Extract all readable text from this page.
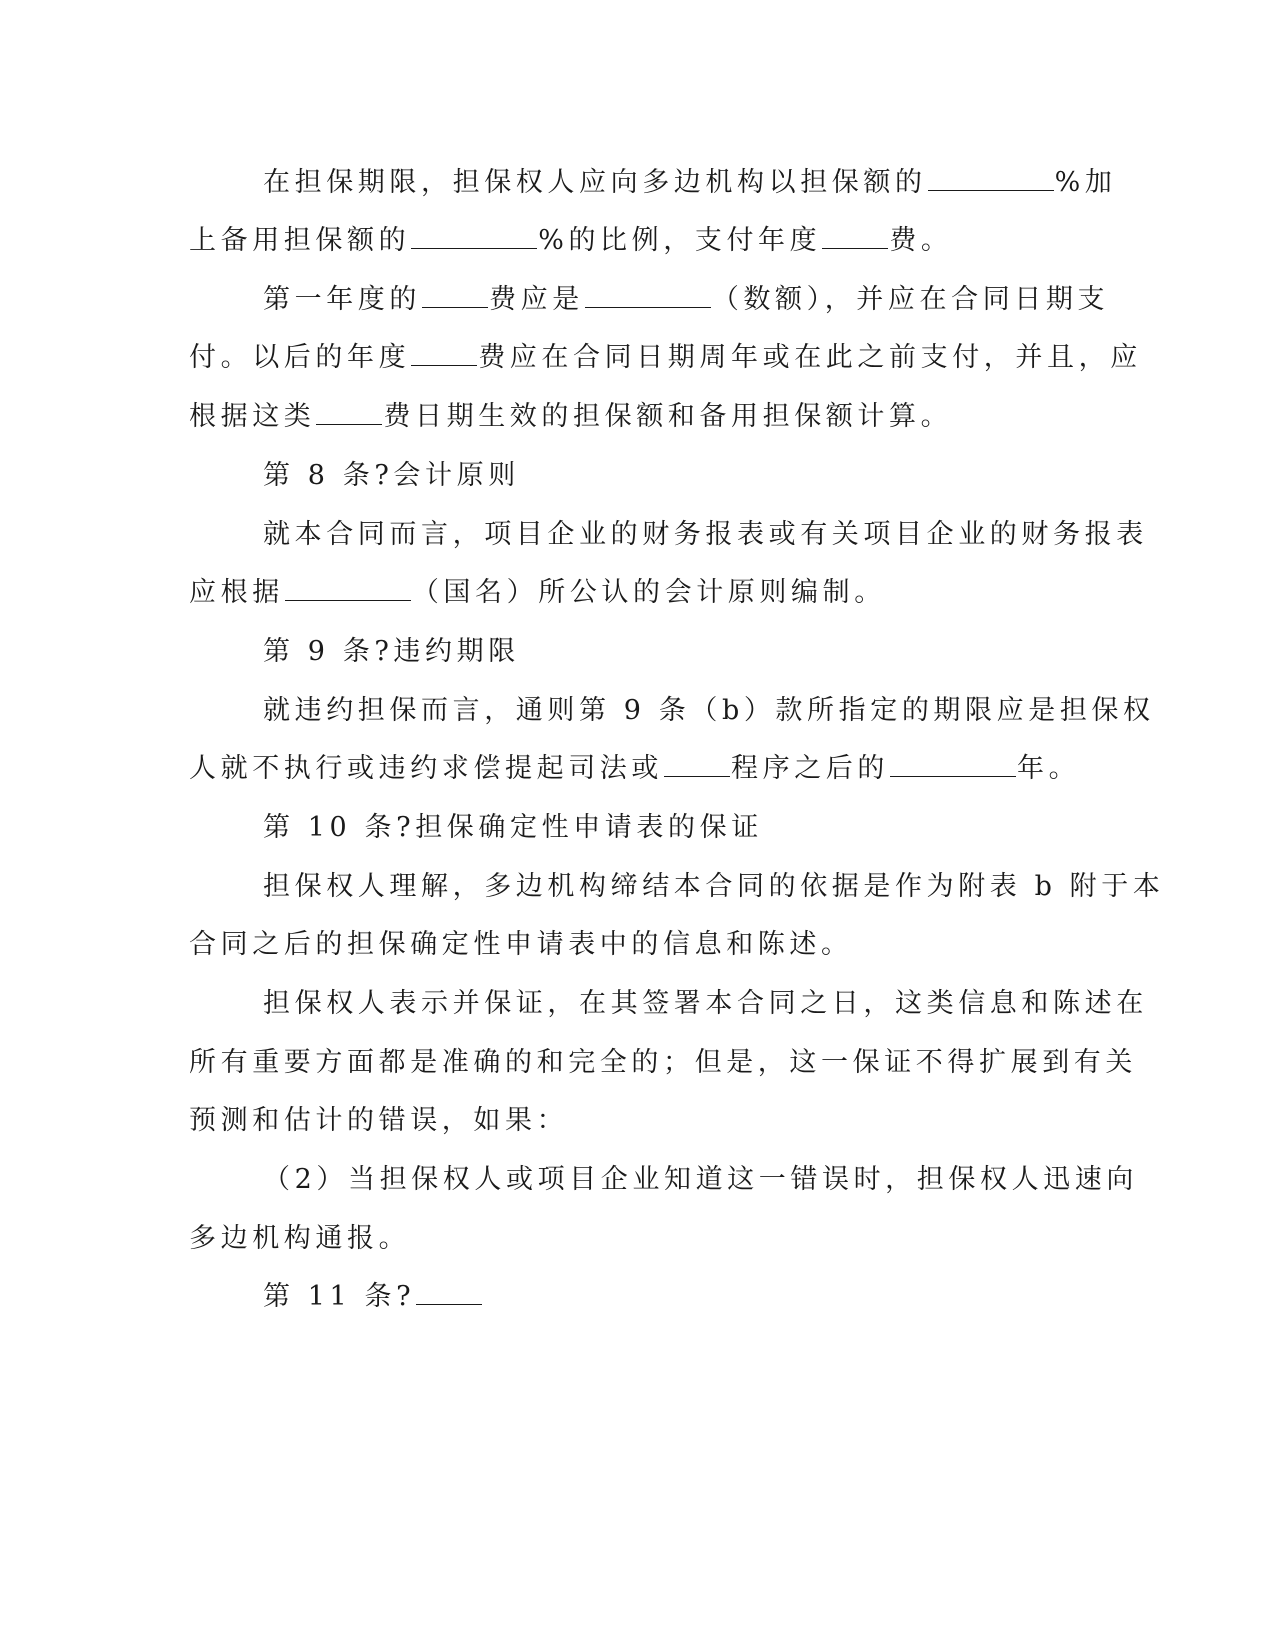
在担保期限，担保权人应向多边机构以担保额的	%加
上备用担保额的	%的比例，支付年度	费。
第一年度的	费应是	（数额），并应在合同日期支
付。以后的年度	费应在合同日期周年或在此之前支付，并且，应
根据这类	费日期生效的担保额和备用担保额计算。
第 8 条?会计原则
就本合同而言，项目企业的财务报表或有关项目企业的财务报表
应根据	（国名）所公认的会计原则编制。
第 9 条?违约期限
就违约担保而言，通则第 9 条（b）款所指定的期限应是担保权
人就不执行或违约求偿提起司法或	程序之后的	年。
第 10 条?担保确定性申请表的保证
担保权人理解，多边机构缔结本合同的依据是作为附表 b 附于本
合同之后的担保确定性申请表中的信息和陈述。
担保权人表示并保证，在其签署本合同之日，这类信息和陈述在
所有重要方面都是准确的和完全的；但是，这一保证不得扩展到有关
预测和估计的错误，如果：
（2）当担保权人或项目企业知道这一错误时，担保权人迅速向
多边机构通报。
第 11 条?
